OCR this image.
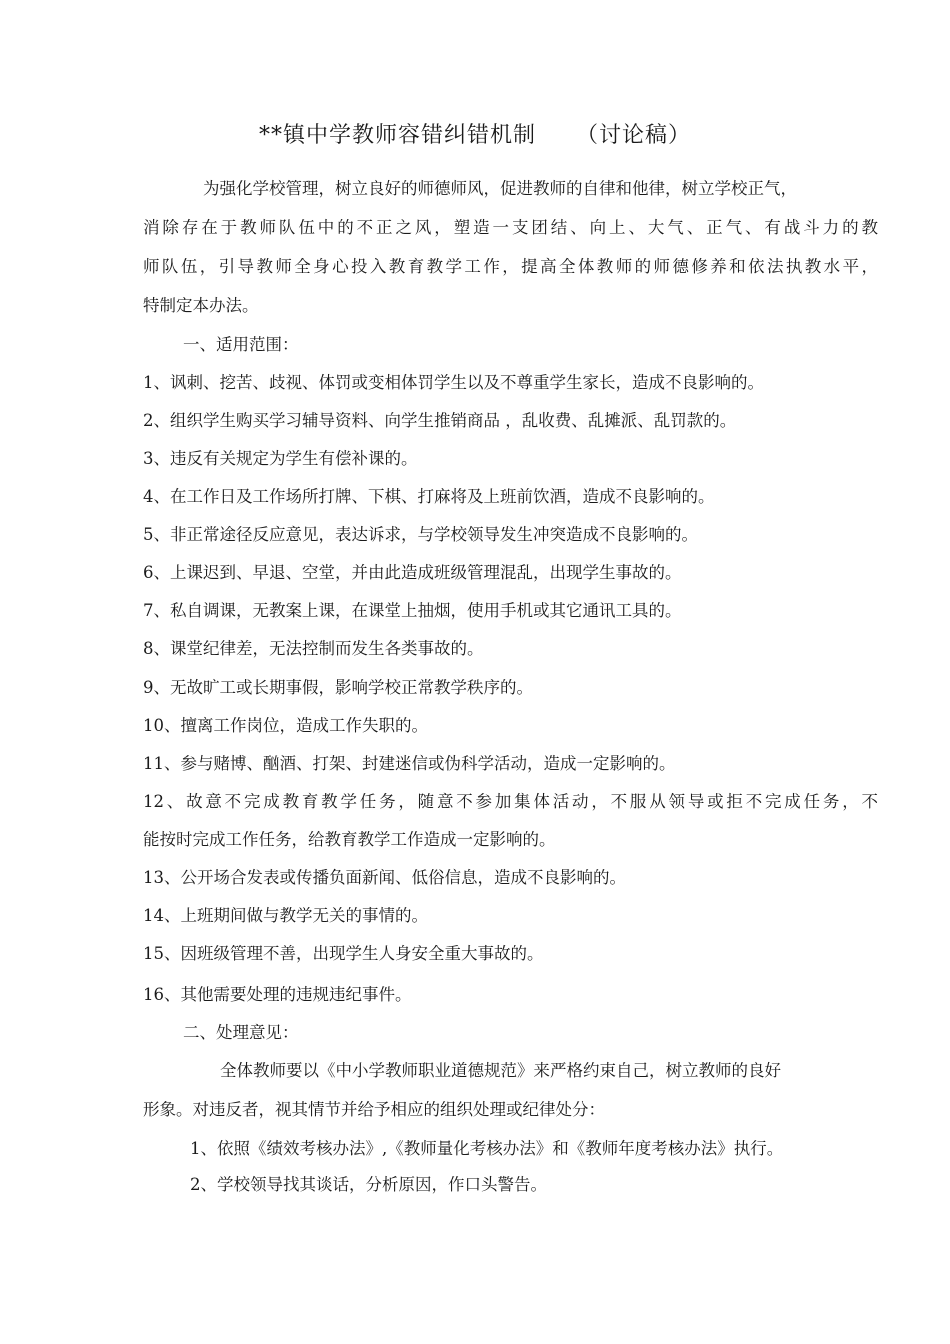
**镇中学教师容错纠错机制 （讨论稿）
为强化学校管理，树立良好的师德师风，促进教师的自律和他律，树立学校正气，
消除存在于教师队伍中的不正之风，塑造一支团结、向上、大气、正气、有战斗力的教
师队伍，引导教师全身心投入教育教学工作，提高全体教师的师德修养和依法执教水平，
特制定本办法。
一、适用范围：
1、讽刺、挖苦、歧视、体罚或变相体罚学生以及不尊重学生家长，造成不良影响的。
2、组织学生购买学习辅导资料、向学生推销商品 ，乱收费、乱摊派、乱罚款的。
3、违反有关规定为学生有偿补课的。
4、在工作日及工作场所打牌、下棋、打麻将及上班前饮酒，造成不良影响的。
5、非正常途径反应意见，表达诉求，与学校领导发生冲突造成不良影响的。
6、上课迟到、早退、空堂，并由此造成班级管理混乱，出现学生事故的。
7、私自调课，无教案上课，在课堂上抽烟，使用手机或其它通讯工具的。
8、课堂纪律差，无法控制而发生各类事故的。
9、无故旷工或长期事假，影响学校正常教学秩序的。
10、擅离工作岗位，造成工作失职的。
11、参与赌博、酗酒、打架、封建迷信或伪科学活动，造成一定影响的。
12、故意不完成教育教学任务，随意不参加集体活动，不服从领导或拒不完成任务，不
能按时完成工作任务，给教育教学工作造成一定影响的。
13、公开场合发表或传播负面新闻、低俗信息，造成不良影响的。
14、上班期间做与教学无关的事情的。
15、因班级管理不善，出现学生人身安全重大事故的。
16、其他需要处理的违规违纪事件。
二、处理意见：
全体教师要以《中小学教师职业道德规范》来严格约束自己，树立教师的良好
形象。对违反者，视其情节并给予相应的组织处理或纪律处分：
1、依照《绩效考核办法》,《教师量化考核办法》和《教师年度考核办法》执行。
2、学校领导找其谈话，分析原因，作口头警告。
